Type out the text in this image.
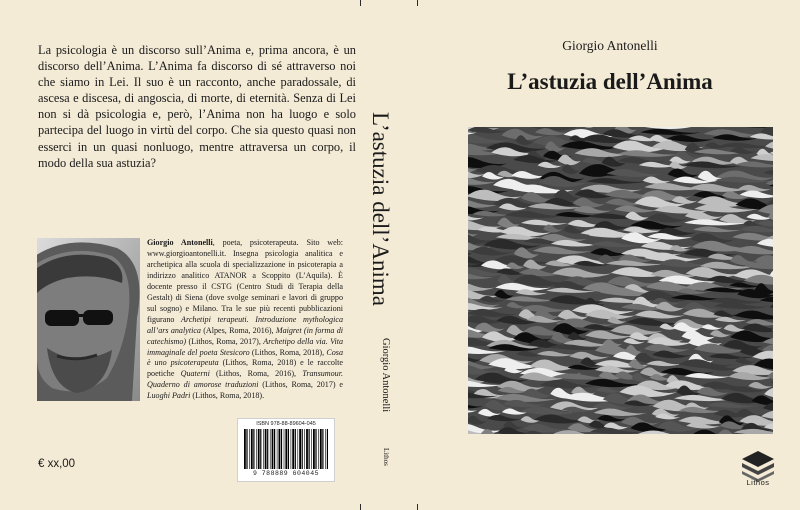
La psicologia è un discorso sull’Anima e, prima ancora, è un discorso dell’Anima. L’Anima fa discorso di sé attraverso noi che siamo in Lei. Il suo è un racconto, anche paradossale, di ascesa e discesa, di angoscia, di morte, di eternità. Senza di Lei non si dà psicologia e, però, l’Anima non ha luogo e solo partecipa del luogo in virtù del corpo. Che sia questo quasi non esserci in un quasi nonluogo, mentre attraversa un corpo, il modo della sua astuzia?
Giorgio Antonelli, poeta, psicoterapeuta. Sito web: www.giorgioantonelli.it. Insegna psicologia analitica e archetipica alla scuola di specializzazione in psicoterapia a indirizzo analitico ATANOR a Scoppito (L’Aquila). È docente presso il CSTG (Centro Studi di Terapia della Gestalt) di Siena (dove svolge seminari e lavori di gruppo sul sogno) e Milano. Tra le sue più recenti pubblicazioni figurano Archetipi terapeuti. Introduzione mythologica all’ars analytica (Alpes, Roma, 2016), Maigret (in forma di catechismo) (Lithos, Roma, 2017), Archetipo della via. Vita immaginale del poeta Stesicoro (Lithos, Roma, 2018), Cosa è uno psicoterapeuta (Lithos, Roma, 2018) e le raccolte poetiche Quaterni (Lithos, Roma, 2016), Transumour. Quaderno di amorose traduzioni (Lithos, Roma, 2017) e Luoghi Padri (Lithos, Roma, 2018).
ISBN 978-88-89604-045
9 788889 604045
€ xx,00
L’astuzia dell’Anima
Giorgio Antonelli
Lithos
Giorgio Antonelli
L’astuzia dell’Anima
Lithos
